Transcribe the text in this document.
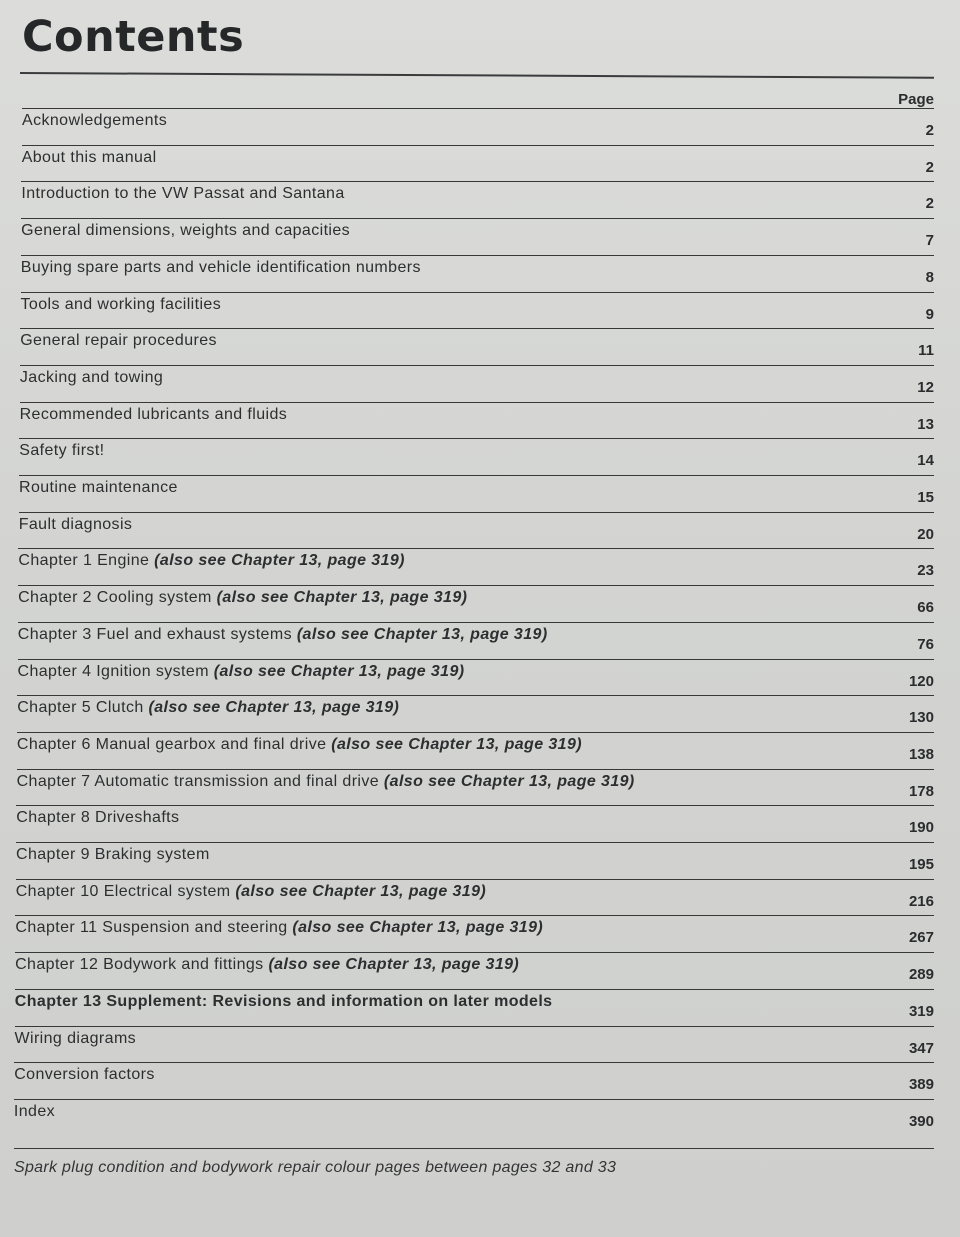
Contents
Page
Acknowledgements
2
About this manual
2
Introduction to the VW Passat and Santana
2
General dimensions, weights and capacities
7
Buying spare parts and vehicle identification numbers
8
Tools and working facilities
9
General repair procedures
11
Jacking and towing
12
Recommended lubricants and fluids
13
Safety first!
14
Routine maintenance
15
Fault diagnosis
20
Chapter 1 Engine (also see Chapter 13, page 319)
23
Chapter 2 Cooling system (also see Chapter 13, page 319)
66
Chapter 3 Fuel and exhaust systems (also see Chapter 13, page 319)
76
Chapter 4 Ignition system (also see Chapter 13, page 319)
120
Chapter 5 Clutch (also see Chapter 13, page 319)
130
Chapter 6 Manual gearbox and final drive (also see Chapter 13, page 319)
138
Chapter 7 Automatic transmission and final drive (also see Chapter 13, page 319)
178
Chapter 8 Driveshafts
190
Chapter 9 Braking system
195
Chapter 10 Electrical system (also see Chapter 13, page 319)
216
Chapter 11 Suspension and steering (also see Chapter 13, page 319)
267
Chapter 12 Bodywork and fittings (also see Chapter 13, page 319)
289
Chapter 13 Supplement: Revisions and information on later models
319
Wiring diagrams
347
Conversion factors
389
Index
390
Spark plug condition and bodywork repair colour pages between pages 32 and 33
